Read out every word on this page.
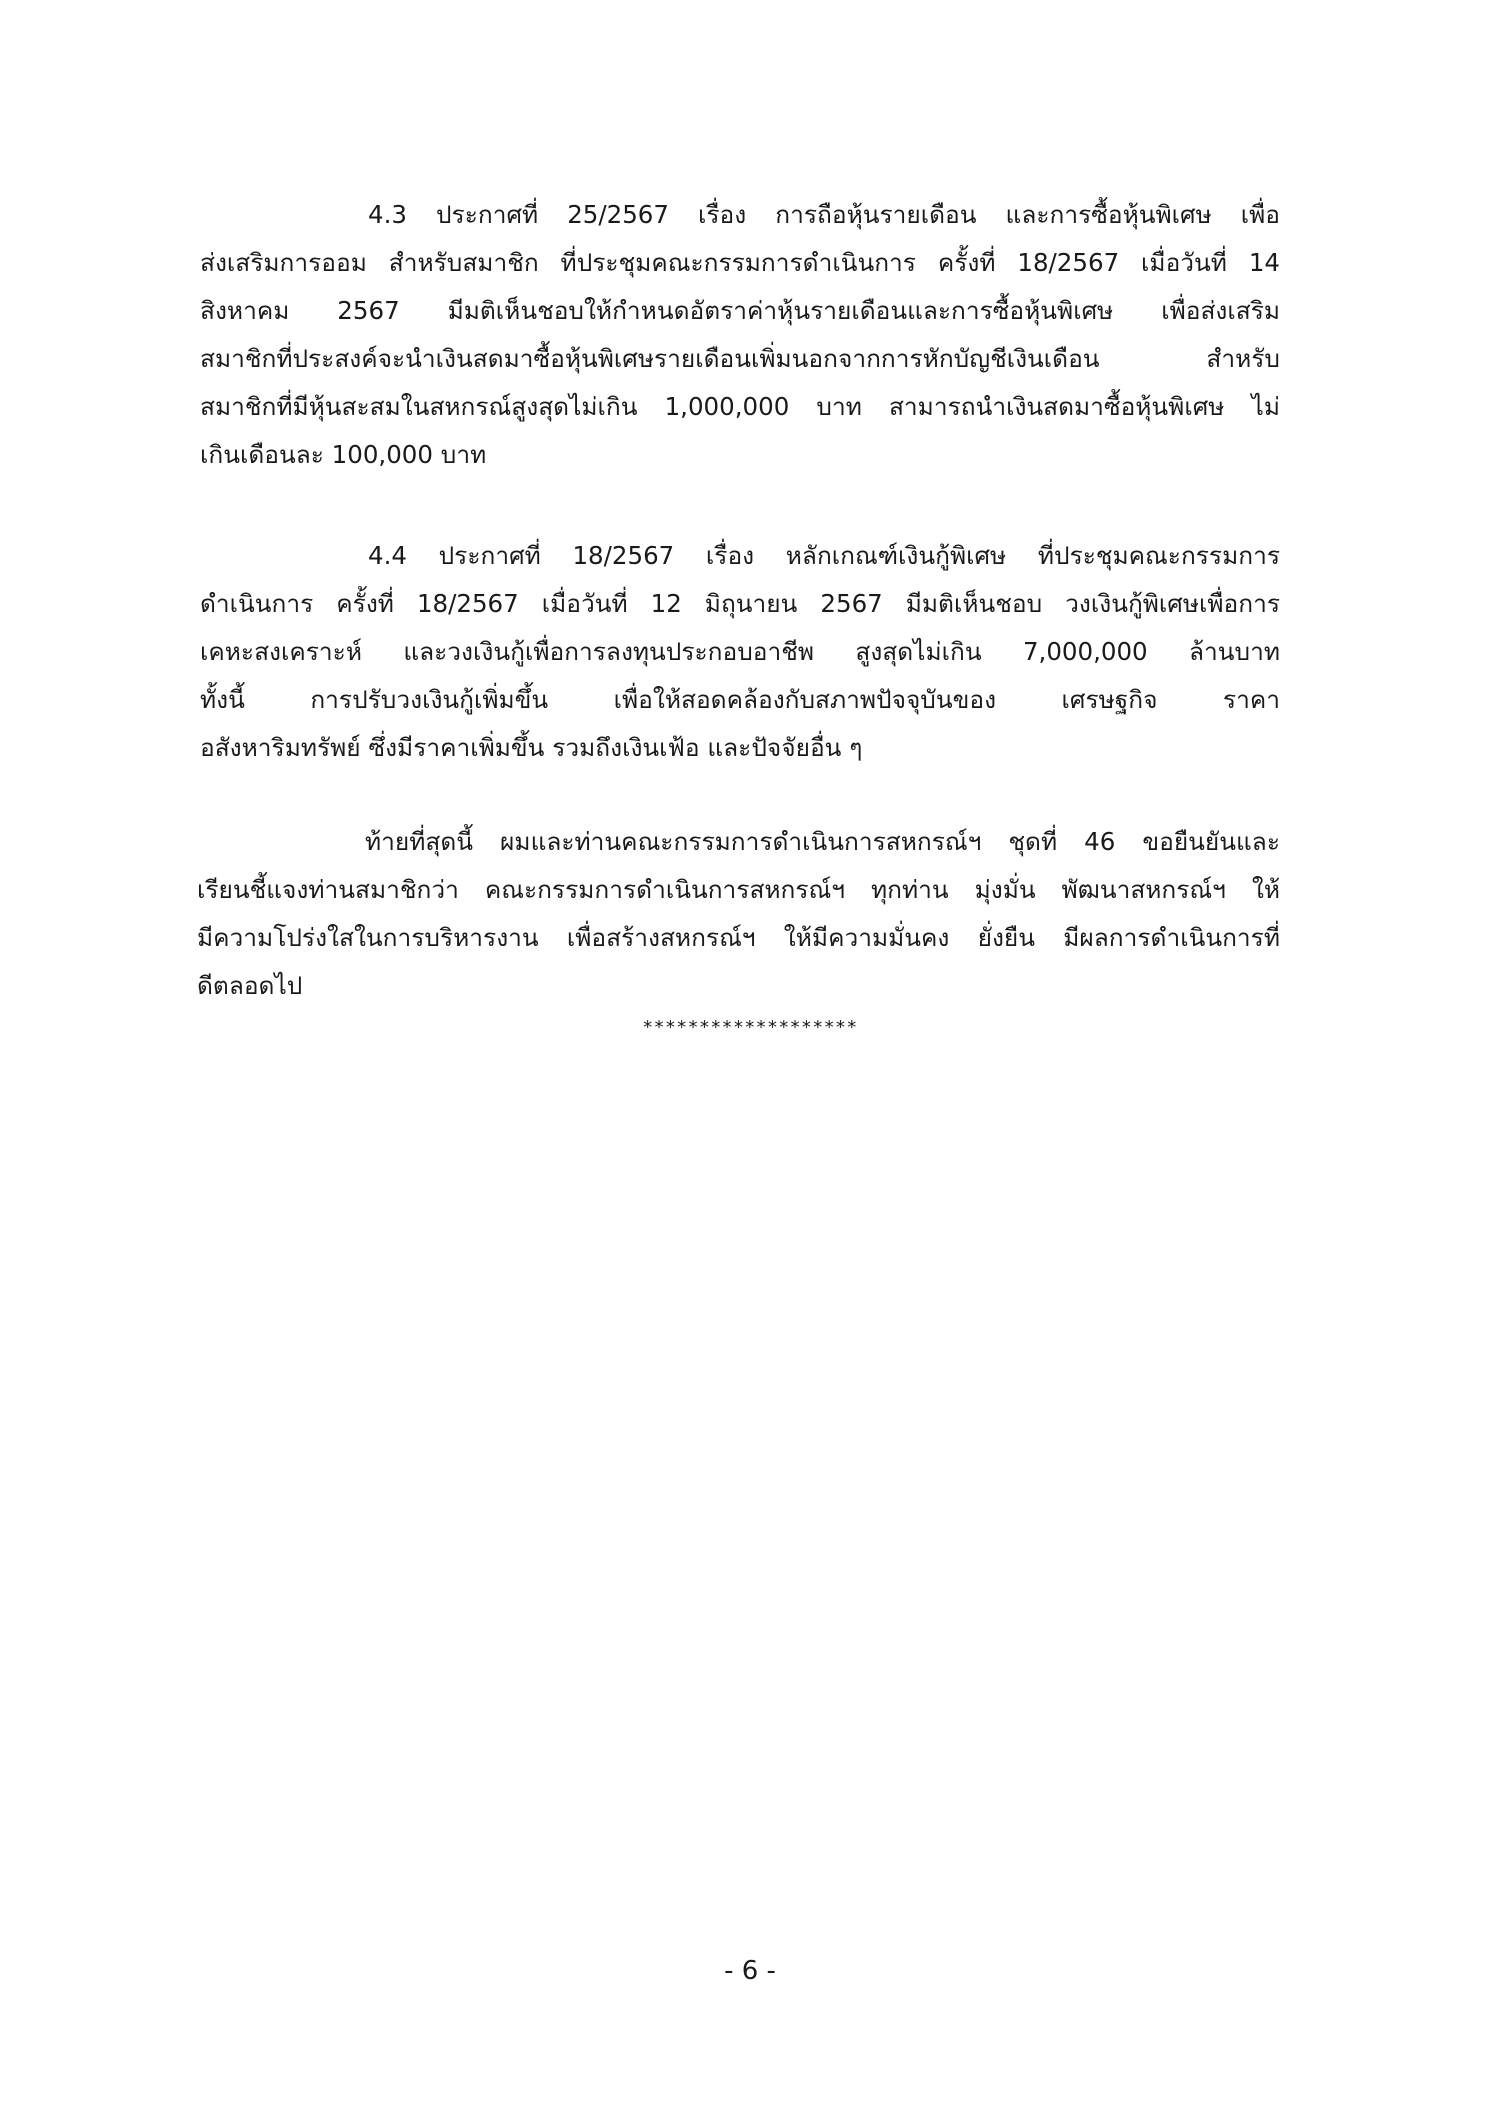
4.3 ประกาศที่ 25/2567 เรื่อง การถือหุ้นรายเดือน และการซื้อหุ้นพิเศษ เพื่อ
ส่งเสริมการออม สำหรับสมาชิก ที่ประชุมคณะกรรมการดำเนินการ ครั้งที่ 18/2567 เมื่อวันที่ 14
สิงหาคม 2567 มีมติเห็นชอบให้กำหนดอัตราค่าหุ้นรายเดือนและการซื้อหุ้นพิเศษ เพื่อส่งเสริม
สมาชิกที่ประสงค์จะนำเงินสดมาซื้อหุ้นพิเศษรายเดือนเพิ่มนอกจากการหักบัญชีเงินเดือน สำหรับ
สมาชิกที่มีหุ้นสะสมในสหกรณ์สูงสุดไม่เกิน 1,000,000 บาท สามารถนำเงินสดมาซื้อหุ้นพิเศษ ไม่
เกินเดือนละ 100,000 บาท
4.4 ประกาศที่ 18/2567 เรื่อง หลักเกณฑ์เงินกู้พิเศษ ที่ประชุมคณะกรรมการ
ดำเนินการ ครั้งที่ 18/2567 เมื่อวันที่ 12 มิถุนายน 2567 มีมติเห็นชอบ วงเงินกู้พิเศษเพื่อการ
เคหะสงเคราะห์ และวงเงินกู้เพื่อการลงทุนประกอบอาชีพ สูงสุดไม่เกิน 7,000,000 ล้านบาท
ทั้งนี้ การปรับวงเงินกู้เพิ่มขึ้น เพื่อให้สอดคล้องกับสภาพปัจจุบันของ เศรษฐกิจ ราคา
อสังหาริมทรัพย์ ซึ่งมีราคาเพิ่มขึ้น รวมถึงเงินเฟ้อ และปัจจัยอื่น ๆ
ท้ายที่สุดนี้ ผมและท่านคณะกรรมการดำเนินการสหกรณ์ฯ ชุดที่ 46 ขอยืนยันและ
เรียนชี้แจงท่านสมาชิกว่า คณะกรรมการดำเนินการสหกรณ์ฯ ทุกท่าน มุ่งมั่น พัฒนาสหกรณ์ฯ ให้
มีความโปร่งใสในการบริหารงาน เพื่อสร้างสหกรณ์ฯ ให้มีความมั่นคง ยั่งยืน มีผลการดำเนินการที่
ดีตลอดไป
*******************
- 6 -
